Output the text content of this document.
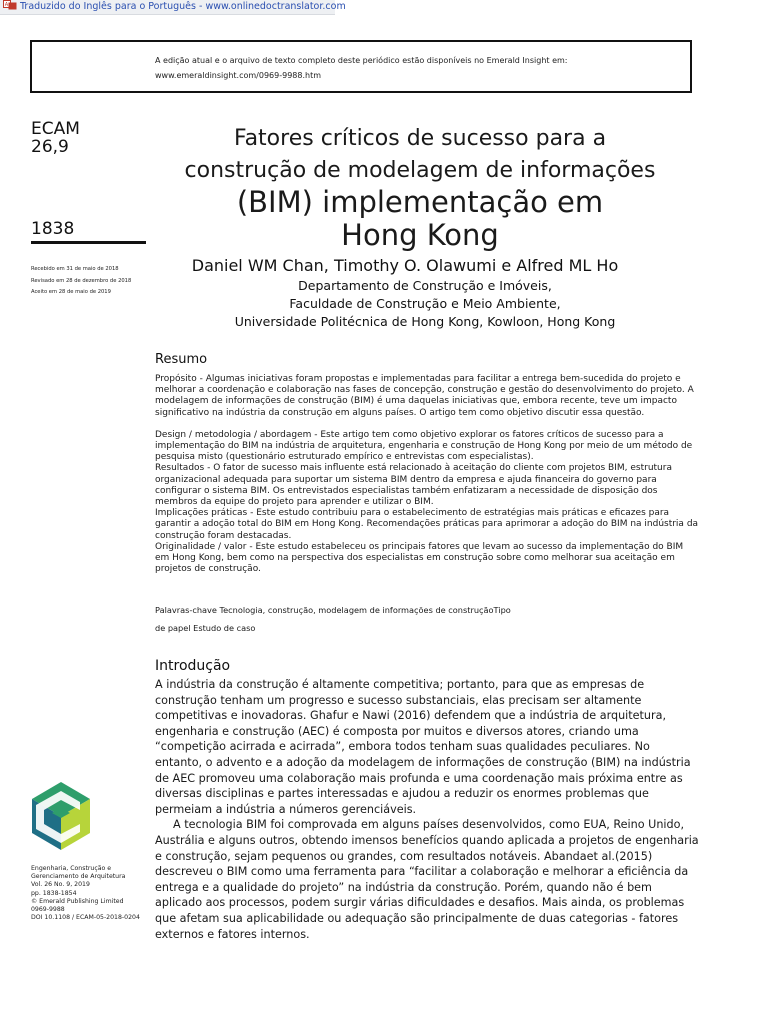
A Traduzido do Inglês para o Português - www.onlinedoctranslator.com
A edição atual e o arquivo de texto completo deste periódico estão disponíveis no Emerald Insight em:
www.emeraldinsight.com/0969-9988.htm
ECAM
26,9
1838
Recebido em 31 de maio de 2018
Revisado em 28 de dezembro de 2018
Aceito em 28 de maio de 2019
Fatores críticos de sucesso para a
construção de modelagem de informações
(BIM) implementação em
Hong Kong
Daniel WM Chan, Timothy O. Olawumi e Alfred ML Ho
Departamento de Construção e Imóveis,
Faculdade de Construção e Meio Ambiente,
Universidade Politécnica de Hong Kong, Kowloon, Hong Kong
Resumo

Propósito - Algumas iniciativas foram propostas e implementadas para facilitar a entrega bem-sucedida do projeto e melhorar a coordenação e colaboração nas fases de concepção, construção e gestão do desenvolvimento do projeto. A modelagem de informações de construção (BIM) é uma daquelas iniciativas que, embora recente, teve um impacto significativo na indústria da construção em alguns países. O artigo tem como objetivo discutir essa questão.

Design / metodologia / abordagem - Este artigo tem como objetivo explorar os fatores críticos de sucesso para a implementação do BIM na indústria de arquitetura, engenharia e construção de Hong Kong por meio de um método de pesquisa misto (questionário estruturado empírico e entrevistas com especialistas).

Resultados - O fator de sucesso mais influente está relacionado à aceitação do cliente com projetos BIM, estrutura organizacional adequada para suportar um sistema BIM dentro da empresa e ajuda financeira do governo para configurar o sistema BIM. Os entrevistados especialistas também enfatizaram a necessidade de disposição dos membros da equipe do projeto para aprender e utilizar o BIM.

Implicações práticas - Este estudo contribuiu para o estabelecimento de estratégias mais práticas e eficazes para garantir a adoção total do BIM em Hong Kong. Recomendações práticas para aprimorar a adoção do BIM na indústria da construção foram destacadas.

Originalidade / valor - Este estudo estabeleceu os principais fatores que levam ao sucesso da implementação do BIM em Hong Kong, bem como na perspectiva dos especialistas em construção sobre como melhorar sua aceitação em projetos de construção.

Palavras-chave Tecnologia, construção, modelagem de informações de construçãoTipo
de papel Estudo de caso
Introdução

A indústria da construção é altamente competitiva; portanto, para que as empresas de construção tenham um progresso e sucesso substanciais, elas precisam ser altamente competitivas e inovadoras. Ghafur e Nawi (2016) defendem que a indústria de arquitetura, engenharia e construção (AEC) é composta por muitos e diversos atores, criando uma “competição acirrada e acirrada”, embora todos tenham suas qualidades peculiares. No entanto, o advento e a adoção da modelagem de informações de construção (BIM) na indústria de AEC promoveu uma colaboração mais profunda e uma coordenação mais próxima entre as diversas disciplinas e partes interessadas e ajudou a reduzir os enormes problemas que permeiam a indústria a números gerenciáveis.

A tecnologia BIM foi comprovada em alguns países desenvolvidos, como EUA, Reino Unido, Austrália e alguns outros, obtendo imensos benefícios quando aplicada a projetos de engenharia e construção, sejam pequenos ou grandes, com resultados notáveis. Abandaet al.(2015) descreveu o BIM como uma ferramenta para “facilitar a colaboração e melhorar a eficiência da entrega e a qualidade do projeto” na indústria da construção. Porém, quando não é bem aplicado aos processos, podem surgir várias dificuldades e desafios. Mais ainda, os problemas que afetam sua aplicabilidade ou adequação são principalmente de duas categorias - fatores externos e fatores internos.

Engenharia, Construção e
Gerenciamento de Arquitetura
Vol. 26 No. 9, 2019
pp. 1838-1854
© Emerald Publishing Limited
0969-9988
DOI 10.1108 / ECAM-05-2018-0204
